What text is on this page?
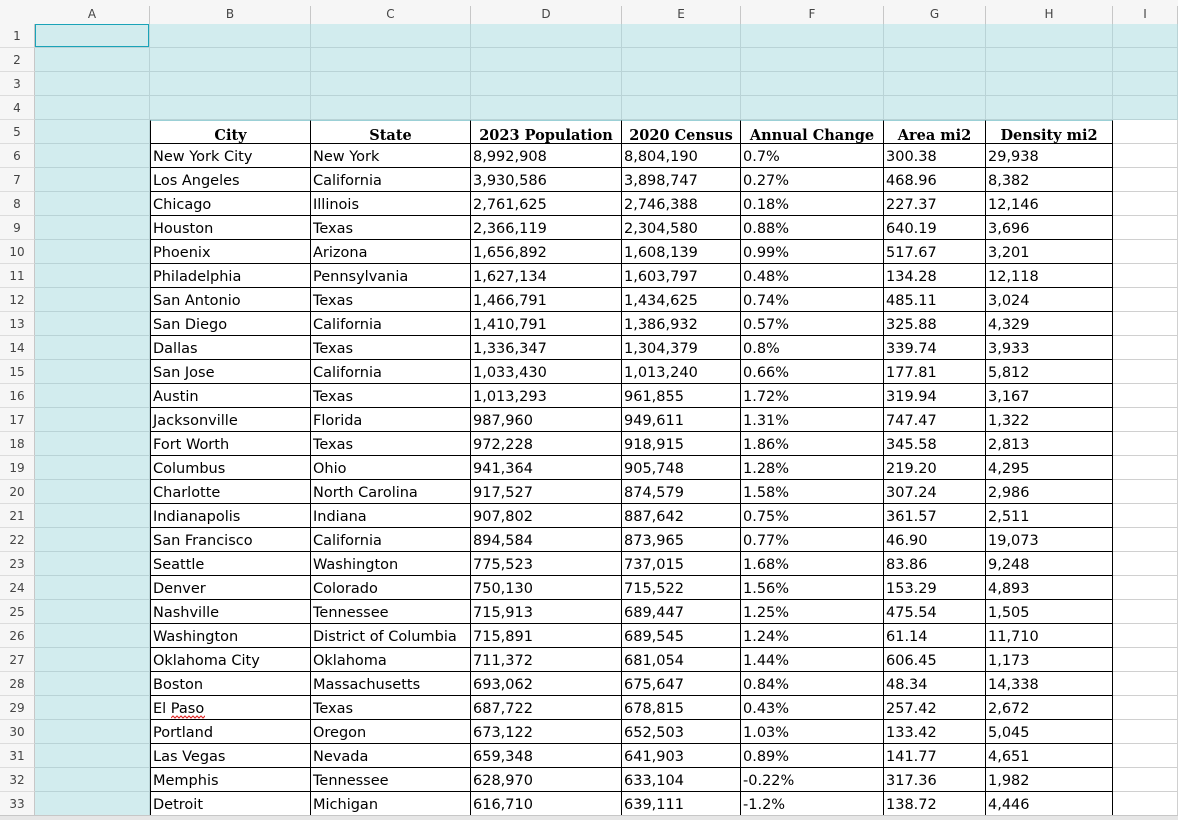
A	B	C	D	E	F	G	H	I
1
2
3
4
5
6
7
8
9
10
11
12
13
14
15
16
17
18
19
20
21
22
23
24
25
26
27
28
29
30
31
32
33
City	State	2023 Population	2020 Census	Annual Change	Area mi2	Density mi2
New York City	New York	8,992,908	8,804,190	0.7%	300.38	29,938
Los Angeles	California	3,930,586	3,898,747	0.27%	468.96	8,382
Chicago	Illinois	2,761,625	2,746,388	0.18%	227.37	12,146
Houston	Texas	2,366,119	2,304,580	0.88%	640.19	3,696
Phoenix	Arizona	1,656,892	1,608,139	0.99%	517.67	3,201
Philadelphia	Pennsylvania	1,627,134	1,603,797	0.48%	134.28	12,118
San Antonio	Texas	1,466,791	1,434,625	0.74%	485.11	3,024
San Diego	California	1,410,791	1,386,932	0.57%	325.88	4,329
Dallas	Texas	1,336,347	1,304,379	0.8%	339.74	3,933
San Jose	California	1,033,430	1,013,240	0.66%	177.81	5,812
Austin	Texas	1,013,293	961,855	1.72%	319.94	3,167
Jacksonville	Florida	987,960	949,611	1.31%	747.47	1,322
Fort Worth	Texas	972,228	918,915	1.86%	345.58	2,813
Columbus	Ohio	941,364	905,748	1.28%	219.20	4,295
Charlotte	North Carolina	917,527	874,579	1.58%	307.24	2,986
Indianapolis	Indiana	907,802	887,642	0.75%	361.57	2,511
San Francisco	California	894,584	873,965	0.77%	46.90	19,073
Seattle	Washington	775,523	737,015	1.68%	83.86	9,248
Denver	Colorado	750,130	715,522	1.56%	153.29	4,893
Nashville	Tennessee	715,913	689,447	1.25%	475.54	1,505
Washington	District of Columbia	715,891	689,545	1.24%	61.14	11,710
Oklahoma City	Oklahoma	711,372	681,054	1.44%	606.45	1,173
Boston	Massachusetts	693,062	675,647	0.84%	48.34	14,338
El Paso	Texas	687,722	678,815	0.43%	257.42	2,672
Portland	Oregon	673,122	652,503	1.03%	133.42	5,045
Las Vegas	Nevada	659,348	641,903	0.89%	141.77	4,651
Memphis	Tennessee	628,970	633,104	-0.22%	317.36	1,982
Detroit	Michigan	616,710	639,111	-1.2%	138.72	4,446
